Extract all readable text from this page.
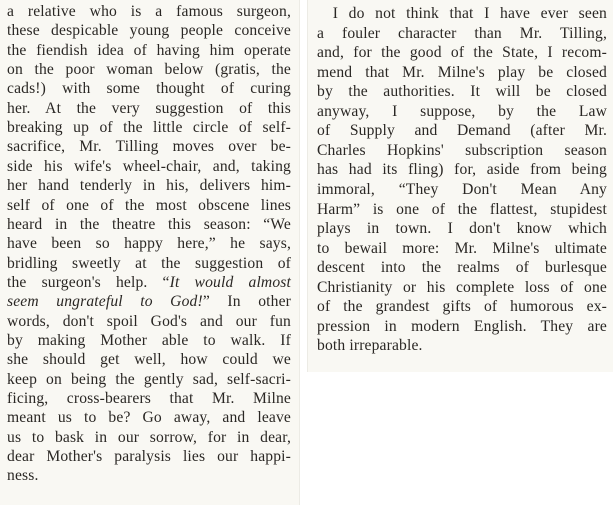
a relative who is a famous surgeon,
these despicable young people conceive
the fiendish idea of having him operate
on the poor woman below (gratis, the
cads!) with some thought of curing
her. At the very suggestion of this
breaking up of the little circle of self-
sacrifice, Mr. Tilling moves over be-
side his wife's wheel-chair, and, taking
her hand tenderly in his, delivers him-
self of one of the most obscene lines
heard in the theatre this season: “We
have been so happy here,” he says,
bridling sweetly at the suggestion of
the surgeon's help. “It would almost
seem ungrateful to God!” In other
words, don't spoil God's and our fun
by making Mother able to walk. If
she should get well, how could we
keep on being the gently sad, self-sacri-
ficing, cross-bearers that Mr. Milne
meant us to be? Go away, and leave
us to bask in our sorrow, for in dear,
dear Mother's paralysis lies our happi-
ness.
 I do not think that I have ever seen
a fouler character than Mr. Tilling,
and, for the good of the State, I recom-
mend that Mr. Milne's play be closed
by the authorities. It will be closed
anyway, I suppose, by the Law
of Supply and Demand (after Mr.
Charles Hopkins' subscription season
has had its fling) for, aside from being
immoral, “They Don't Mean Any
Harm” is one of the flattest, stupidest
plays in town. I don't know which
to bewail more: Mr. Milne's ultimate
descent into the realms of burlesque
Christianity or his complete loss of one
of the grandest gifts of humorous ex-
pression in modern English. They are
both irreparable.
